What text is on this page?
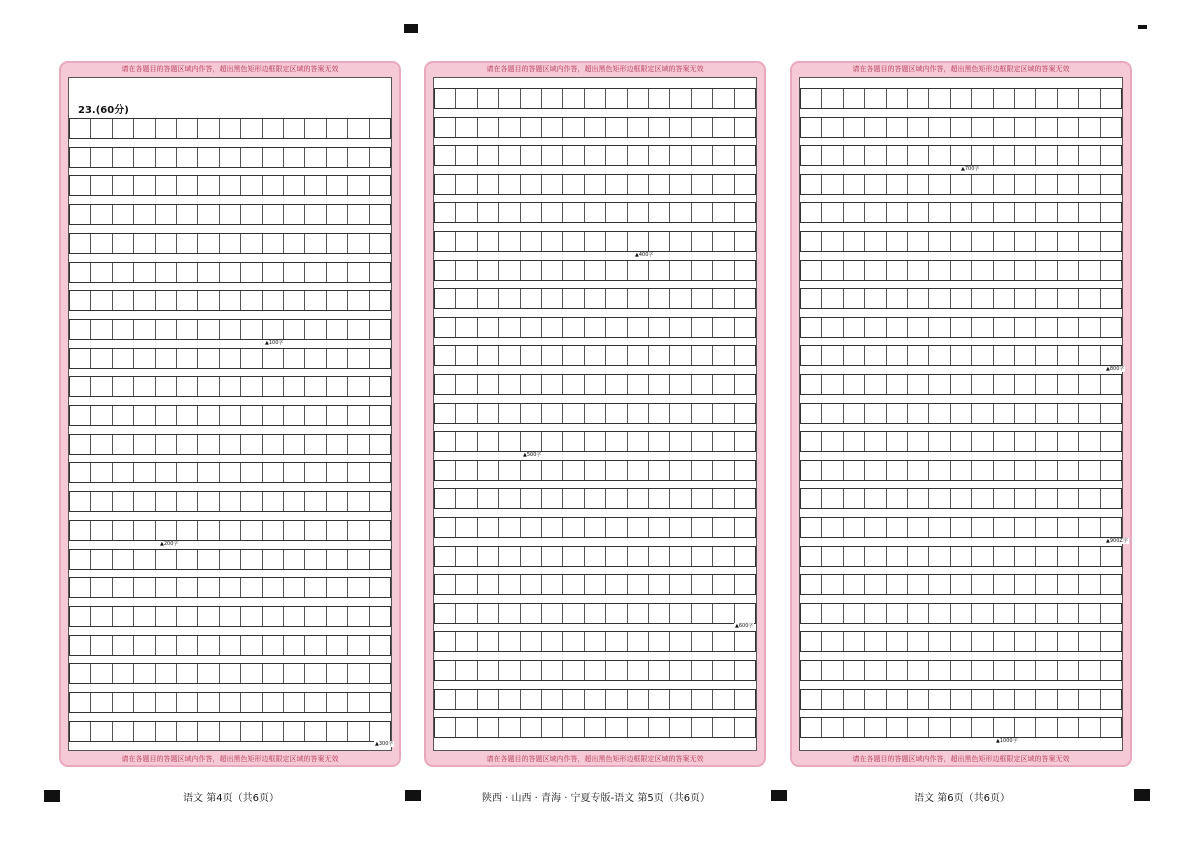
请在各题目的答题区域内作答，超出黑色矩形边框限定区域的答案无效
23.(60分)
▲100字
▲200字
▲300字
请在各题目的答题区域内作答，超出黑色矩形边框限定区域的答案无效
▲400字
▲500字
▲600字
请在各题目的答题区域内作答，超出黑色矩形边框限定区域的答案无效
请在各题目的答题区域内作答，超出黑色矩形边框限定区域的答案无效
▲700字
▲800字
▲900Z字
▲1000字
请在各题目的答题区域内作答，超出黑色矩形边框限定区域的答案无效
请在各题目的答题区域内作答，超出黑色矩形边框限定区域的答案无效
语文 第4页（共6页）	陕西 · 山西 · 青海 · 宁夏专版-语文 第5页（共6页）	语文 第6页（共6页）
